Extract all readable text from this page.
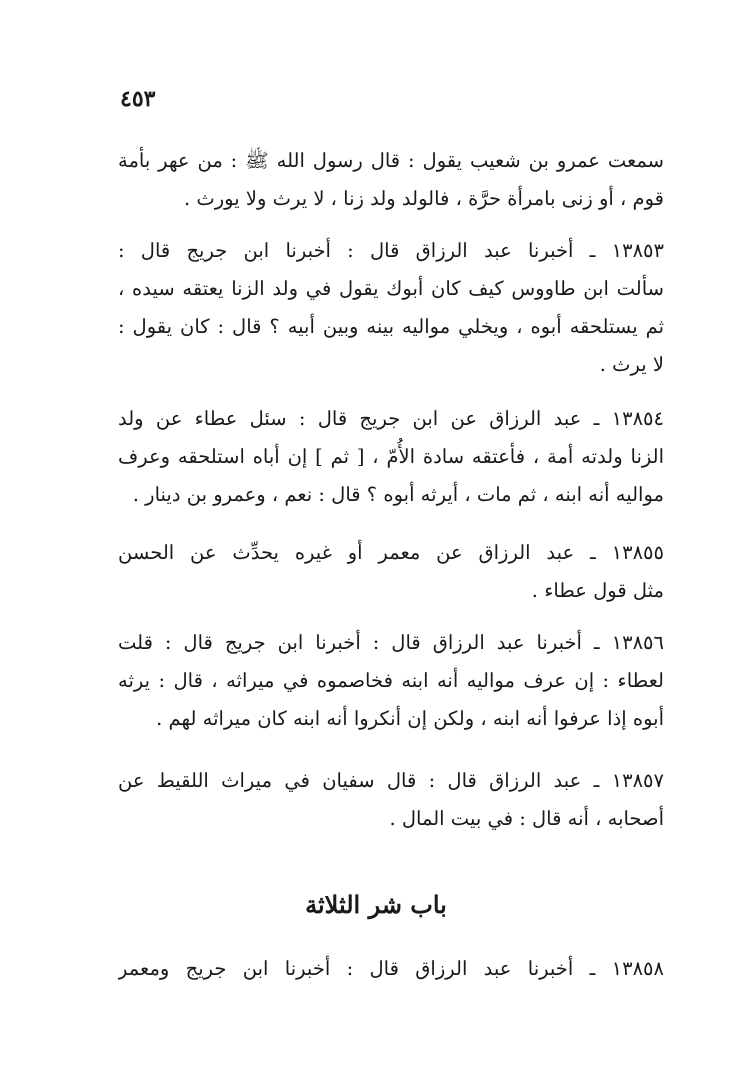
٤٥٣
سمعت عمرو بن شعيب يقول : قال رسول الله ﷺ : من عهر بأمة
قوم ، أو زنى بامرأة حرَّة ، فالولد ولد زنا ، لا يرث ولا يورث .
١٣٨٥٣ ـ أخبرنا عبد الرزاق قال : أخبرنا ابن جريج قال :
سألت ابن طاووس كيف كان أبوك يقول في ولد الزنا يعتقه سيده ،
ثم يستلحقه أبوه ، ويخلي مواليه بينه وبين أبيه ؟ قال : كان يقول :
لا يرث .
١٣٨٥٤ ـ عبد الرزاق عن ابن جريج قال : سئل عطاء عن ولد
الزنا ولدته أمة ، فأعتقه سادة الأُمّ ، [ ثم ] إن أباه استلحقه وعرف
مواليه أنه ابنه ، ثم مات ، أيرثه أبوه ؟ قال : نعم ، وعمرو بن دينار .
١٣٨٥٥ ـ عبد الرزاق عن معمر أو غيره يحدِّث عن الحسن
مثل قول عطاء .
١٣٨٥٦ ـ أخبرنا عبد الرزاق قال : أخبرنا ابن جريج قال : قلت
لعطاء : إن عرف مواليه أنه ابنه فخاصموه في ميراثه ، قال : يرثه
أبوه إذا عرفوا أنه ابنه ، ولكن إن أنكروا أنه ابنه كان ميراثه لهم .
١٣٨٥٧ ـ عبد الرزاق قال : قال سفيان في ميراث اللقيط عن
أصحابه ، أنه قال : في بيت المال .
باب شر الثلاثة
١٣٨٥٨ ـ أخبرنا عبد الرزاق قال : أخبرنا ابن جريج ومعمر
